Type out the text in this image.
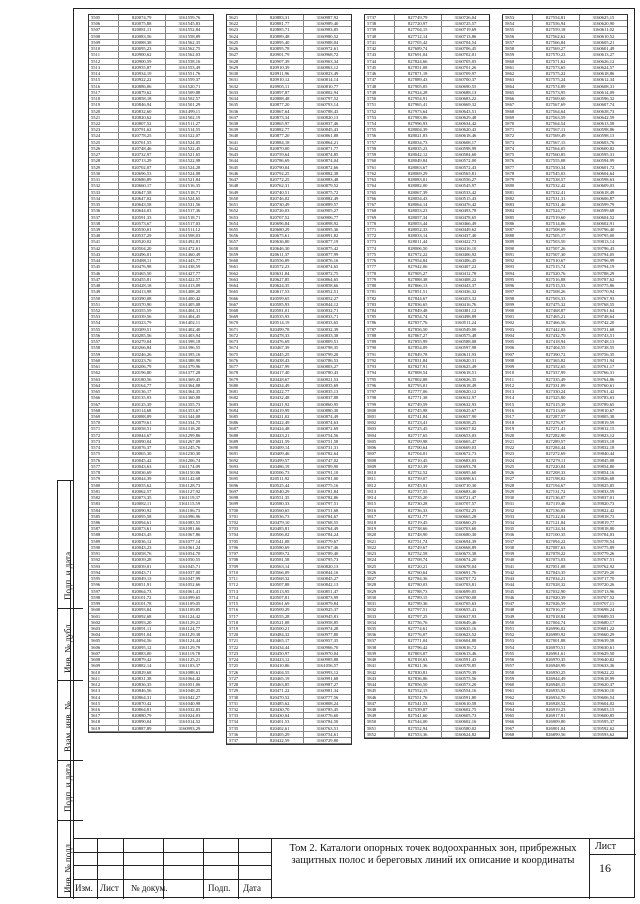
Подп. и дата
Инв. № дубл.
Взам. инв. №
Подп. и дата
Инв. № подл.
5505	820074,79	3161559,76
5506	820075,88	3161545,83
5507	820081,11	3161552,84
5508	820083,56	3161558,89
5509	820088,38	3161562,35
5510	820095,23	3161562,75
5511	820900,62	3161562,03
5512	820900,59	3161558,16
5513	820955,87	3161553,49
5514	820934,19	3161551,76
5515	820922,22	3161559,37
5516	820886,06	3161520,71
5517	820879,62	3161509,88
5518	820858,18	3161502,57
5519	820846,94	3161501,29
5520	820832,60	3161499,11
5521	820820,62	3161502,19
5522	820807,52	3161511,27
5523	820791,62	3161514,55
5524	820778,25	3161522,07
5525	820761,55	3161524,05
5526	820748,46	3161522,45
5527	820732,97	3161521,65
5528	820713,29	3161522,98
5529	820702,07	3161524,28
5530	820696,53	3161524,08
5531	820686,89	3161521,84
5532	820660,17	3161516,35
5533	820647,58	3161518,71
5534	820647,02	3161524,65
5535	820643,58	3161531,56
5536	820644,03	3161517,36
5537	820591,33	3161518,71
5538	820573,67	3161517,03
5539	820550,01	3161511,12
5540	820537,29	3161508,03
5541	820520,02	3161492,81
5542	820504,20	3161472,61
5543	820496,01	3161460,49
5544	820488,11	3161443,77
5545	820476,98	3161438,59
5546	820465,50	3161427,77
5547	820455,81	3161422,57
5548	820428,18	3161413,09
5549	820413,98	3161408,20
5550	820390,08	3161400,42
5551	820370,90	3161405,08
5552	820355,59	3161404,31
5553	820339,56	3161404,45
5554	820323,79	3161402,11
5555	820309,51	3161402,40
5556	820285,56	3161403,94
5557	820279,04	3161398,18
5558	820266,84	3161396,55
5559	820246,26	3161395,16
5560	820223,76	3161388,90
5561	820206,79	3161379,96
5562	820196,80	3161377,28
5563	820180,56	3161369,45
5564	820164,77	3161364,08
5565	820136,17	3161364,35
5566	820135,93	3161360,08
5567	820125,39	3161355,73
5568	820114,68	3161353,67
5569	820088,89	3161344,08
5570	820079,61	3161334,75
5571	820058,51	3161318,20
5572	820044,67	3161299,86
5573	820090,04	3161267,09
5574	820076,37	3161245,76
5575	820065,30	3161230,30
5576	820045,42	3161206,74
5577	820043,63	3161174,09
5578	820036,69	3161150,86
5579	820044,39	3161142,68
5580	820055,62	3161128,73
5581	820062,57	3161127,92
5582	820073,35	3161119,37
5583	820082,11	3161115,59
5584	820090,92	3161106,73
5585	820095,58	3161096,96
5586	820094,61	3161083,55
5587	820073,61	3161081,66
5588	820043,45	3161067,86
5589	820036,12	3161077,14
5590	820043,23	3161061,24
5591	820058,76	3161054,70
5592	820039,28	3161050,55
5593	820039,01	3161045,71
5594	820043,71	3161037,00
5595	820049,13	3161047,99
5596	820051,91	3161052,66
5597	820064,73	3161061,41
5598	820101,72	3161099,65
5599	820101,78	3161109,05
5600	820093,84	3161109,85
5601	820092,68	3161124,42
5602	820093,20	3161129,21
5603	820091,11	3161124,77
5604	820091,04	3161129,38
5605	820094,56	3161124,44
5606	820095,12	3161129,79
5607	820883,00	3161119,78
5608	820879,42	3161125,21
5609	820882,14	3161103,37
5610	820829,68	3161088,61
5611	820831,38	3161064,42
5612	820836,35	3161051,06
5613	820846,56	3161048,25
5614	820864,31	3161042,27
5615	820870,42	3161040,98
5616	820864,81	3161032,83
5617	820880,79	3161024,03
5618	820890,04	3161014,52
5619	820887,89	3160993,29
5621	820883,31	3160987,92
5622	820881,77	3160989,40
5623	820885,71	3160983,85
5624	820889,48	3160980,52
5625	820895,40	3160988,04
5626	820895,78	3160972,61
5627	820901,79	3160968,72
5628	820907,39	3160963,34
5629	820910,39	3160863,12
5630	820911,96	3160823,49
5631	820910,12	3160814,14
5632	820905,11	3160810,77
5633	820897,87	3160802,94
5634	820888,48	3160797,52
5635	820877,20	3160793,14
5636	820867,64	3160788,43
5637	820873,34	3160820,13
5638	820865,97	3160837,46
5639	820882,77	3160845,43
5640	820877,20	3160861,88
5641	820884,18	3160864,21
5642	820870,00	3160871,77
5643	820759,64	3160874,85
5644	820786,69	3160874,04
5645	820790,04	3160872,66
5646	820792,25	3160882,38
5647	820772,25	3160883,48
5648	820762,31	3160879,52
5649	820740,51	3160875,72
5650	820746,02	3160882,49
5651	820730,49	3160889,57
5652	820726,03	3160905,27
5653	820707,52	3160906,77
5654	820696,84	3160898,92
5655	820680,29	3160895,36
5656	820675,61	3160891,82
5657	820636,80	3160877,19
5658	820646,30	3160875,42
5659	820611,37	3160877,99
5660	820556,89	3160876,16
5661	820572,23	3160874,65
5662	820631,84	3160872,75
5663	820627,85	3160864,65
5664	820624,35	3160858,66
5665	820617,53	3160852,51
5666	820599,65	3160852,27
5667	820585,93	3160844,12
5668	820581,01	3160832,71
5669	820535,93	3160833,71
5670	820514,19	3160833,65
5671	820499,78	3160832,39
5672	820478,33	3160833,38
5673	820476,69	3160809,51
5674	820467,39	3160798,35
5675	820445,25	3160799,20
5676	820438,43	3160786,53
5677	820427,99	3160803,27
5678	820417,40	3160780,43
5679	820428,67	3160821,53
5680	820434,49	3160835,69
5681	820422,77	3160835,13
5682	820432,48	3160837,88
5683	820421,92	3160860,95
5684	820419,99	3160880,30
5685	820421,02	3160874,49
5686	820422,49	3160874,63
5687	820424,48	3160872,69
5688	820423,21	3160754,56
5689	820421,59	3160751,58
5690	820409,14	3160731,31
5691	820409,46	3160782,64
5692	820499,57	3160747,02
5693	820486,19	3160789,90
5694	820506,73	3160791,10
5695	820511,92	3160781,00
5696	820525,44	3160775,16
5697	820540,29	3160781,84
5698	820551,35	3160782,86
5699	820580,33	3160797,51
5700	820560,65	3160751,68
5701	820536,73	3160784,67
5702	820479,10	3160768,55
5703	820485,81	3160764,49
5704	820506,02	3160784,24
5705	820541,08	3160779,67
5706	820580,69	3160767,46
5707	820589,72	3160789,40
5708	820581,58	3160795,73
5709	820563,14	3160820,13
5710	820566,09	3160844,16
5711	820568,32	3160845,27
5712	820507,88	3160842,13
5713	820513,95	3160851,47
5714	820507,81	3160873,99
5715	820561,69	3160879,84
5716	820509,29	3160925,37
5717	820555,28	3160945,81
5718	820521,08	3160958,85
5719	820500,21	3160974,28
5720	820484,32	3160977,80
5721	820465,17	3160957,35
5722	820434,44	3160966,70
5723	820450,97	3160970,04
5724	820423,12	3160985,88
5725	820410,86	3161056,57
5726	820404,55	3160993,12
5727	820465,19	3160991,68
5728	820463,85	3160987,27
5729	820471,22	3160981,34
5730	820470,52	3160777,56
5731	820485,62	3160808,24
5732	820430,70	3160785,45
5733	820430,04	3160776,60
5734	820401,53	3160784,50
5735	820402,61	3160763,51
5736	820405,29	3160754,61
5737	820422,59	3160729,80
5737	827749,79	3160726,04
5738	827720,97	3160725,57
5739	827704,15	3160719,69
5740	827712,14	3160713,86
5741	827705,42	3160704,54
5742	827689,74	3160706,45
5743	827691,04	3160702,01
5744	827824,66	3160705,05
5745	827851,08	3160701,26
5746	827871,18	3160709,97
5747	827889,43	3160700,37
5748	827905,05	3160690,55
5749	827924,28	3160688,13
5750	827954,91	3160683,22
5751	827965,41	3160669,32
5752	827973,64	3160643,51
5753	827983,86	3160629,48
5754	827996,93	3160634,42
5755	828004,39	3160620,43
5756	828021,03	3160618,46
5757	828034,73	3160608,17
5758	828035,23	3160598,99
5759	828042,12	3160584,60
5760	828049,84	3160572,00
5761	828063,67	3160572,43
5762	828069,29	3160565,81
5763	828083,01	3160556,27
5764	828082,00	3160545,97
5765	828067,39	3160533,42
5766	828054,43	3160515,43
5767	828064,14	3160476,42
5768	828053,23	3160493,78
5769	828057,34	3160478,65
5770	828053,44	3160466,49
5771	828052,33	3160449,62
5772	828033,14	3160437,40
5773	828011,44	3160422,73
5774	828006,50	3160416,10
5775	827972,22	3160406,92
5776	827954,84	3160406,45
5777	827942,06	3160407,22
5778	827905,27	3160412,78
5779	827888,38	3160408,22
5780	827866,13	3160443,37
5781	827851,51	3160436,32
5782	827844,67	3160453,32
5783	827836,65	3160416,76
5784	827849,48	3160481,12
5785	827854,74	3160498,89
5786	827857,76	3160511,24
5787	827856,50	3160549,00
5788	827867,27	3160575,48
5789	827855,99	3160588,08
5790	827854,09	3160597,98
5791	827849,78	3160611,93
5792	827831,84	3160620,31
5793	827827,91	3160625,49
5794	827808,54	3160618,51
5795	827802,88	3160626,35
5796	827793,01	3160618,49
5797	827777,06	3160620,12
5798	827771,38	3160632,97
5799	827749,59	3160632,93
5800	827745,98	3160625,67
5801	827741,84	3160657,90
5802	827723,41	3160658,25
5803	827725,45	3160657,02
5804	827717,65	3160653,03
5805	827709,98	3160665,47
5806	827700,64	3160669,03
5807	827704,81	3160672,73
5808	827710,45	3160683,03
5809	827710,39	3160693,78
5810	827732,52	3160695,60
5811	827739,07	3160698,61
5812	827745,91	3160710,30
5813	827737,55	3160683,40
5814	827735,20	3160721,47
5815	827730,28	3160707,57
5816	827736,33	3160702,25
5817	827731,77	3160665,28
5818	827719,45	3160660,25
5819	827738,66	3160703,60
5820	827748,90	3160680,30
5821	827751,74	3160694,39
5822	827749,67	3160668,89
5823	827752,58	3160673,38
5824	827708,74	3160674,20
5825	827720,21	3160678,04
5826	827760,64	3160691,76
5827	827784,36	3160707,72
5828	827780,03	3160703,81
5829	827788,73	3160699,05
5830	827789,15	3160700,08
5831	827789,36	3160705,63
5832	827797,51	3160655,41
5833	827797,25	3160637,93
5834	827756,76	3160649,46
5835	827774,61	3160635,16
5836	827776,07	3160623,52
5837	827771,04	3160604,88
5838	827796,42	3160616,72
5839	827803,07	3160613,46
5840	827818,63	3160591,43
5841	827821,36	3160578,85
5842	827830,81	3160579,39
5843	827836,86	3160575,56
5844	827856,50	3160573,20
5845	827552,15	3160554,16
5846	827551,76	3160591,80
5847	827541,53	3160610,58
5848	827539,87	3160602,75
5849	827541,60	3160605,73
5850	827544,00	3160602,16
5851	827552,94	3160580,02
5852	827553,36	3160624,82
5853	827554,81	3160625,15
5854	827556,94	3160620,90
5855	827559,18	3160611,02
5856	827562,62	3160610,52
5857	827566,84	3160605,21
5858	827569,27	3160601,49
5859	827570,23	3160613,27
5860	827571,62	3160626,12
5861	827573,65	3160624,57
5862	827575,22	3160618,86
5863	827575,24	3160612,34
5864	827574,89	3160608,31
5865	827573,95	3160614,09
5866	827569,60	3160596,32
5867	827567,69	3160607,74
5868	827564,64	3160638,73
5869	827563,59	3160642,59
5870	827564,54	3160613,58
5871	827567,11	3160598,86
5872	827569,49	3160598,13
5873	827567,15	3160603,76
5874	827564,05	3160600,82
5875	827560,85	3160595,31
5876	827555,08	3160594,99
5877	827550,34	3160601,72
5878	827545,03	3160604,64
5879	827538,57	3160598,63
5880	827532,42	3160609,03
5881	827532,41	3160618,49
5882	827531,31	3160606,87
5883	827531,46	3160599,79
5884	827524,77	3160599,68
5885	827519,60	3160604,52
5886	827514,06	3160602,91
5887	827508,69	3159796,40
5888	827505,17	3159795,00
5889	827503,50	3159813,14
5890	827507,26	3159796,43
5891	827507,30	3159794,05
5892	827510,67	3159796,99
5893	827515,74	3159794,19
5894	827520,76	3159788,29
5895	827516,08	3159787,62
5896	827515,53	3159775,86
5897	827508,26	3159770,94
5898	827503,33	3159767,93
5899	827475,32	3159768,55
5900	827468,87	3159761,64
5901	827465,21	3159748,64
5902	827466,56	3159742,20
5903	827442,03	3159731,68
5904	827432,70	3159743,51
5905	827418,94	3159748,13
5906	827404,55	3159738,55
5907	827390,72	3159756,35
5908	827365,82	3159751,94
5909	827352,65	3159761,17
5910	827337,99	3159766,31
5911	827335,49	3159764,86
5912	827331,09	3159760,61
5913	827330,24	3159761,42
5914	827325,80	3159783,63
5915	827315,39	3159789,65
5916	827313,69	3159810,67
5917	827287,57	3159805,38
5918	827276,97	3159819,59
5919	827271,41	3159812,15
5920	827282,90	3159823,12
5921	827289,57	3159833,18
5922	827284,44	3159832,18
5923	827272,69	3159840,44
5924	827279,11	3159845,08
5925	827220,04	3159854,80
5926	827208,33	3159854,16
5927	827198,02	3159826,68
5928	827194,67	3159825,85
5929	827131,72	3159833,59
5930	827136,07	3159837,01
5931	827119,46	3159820,73
5932	827136,05	3159822,42
5933	827122,04	3159818,73
5934	827121,84	3159819,77
5935	827124,34	3159818,80
5936	827100,35	3159784,03
5937	827094,22	3159778,54
5938	827087,63	3159775,89
5939	827078,22	3159779,26
5940	827073,03	3159767,51
5941	827051,08	3159762,92
5942	827043,35	3159729,20
5943	827034,21	3159717,70
5944	827028,32	3159720,26
5945	827032,90	3159713,96
5946	827020,39	3159707,52
5947	827026,59	3159707,11
5948	827016,37	3159698,24
5949	827018,84	3159689,53
5950	827004,74	3159680,17
5951	826996,02	3159681,22
5952	826989,92	3159660,29
5953	827001,88	3159639,58
5954	826970,51	3159630,61
5955	826961,61	3159629,50
5956	826970,35	3159640,82
5957	826948,99	3159633,36
5958	826950,25	3159622,22
5959	826944,49	3159618,99
5960	826948,15	3159620,37
5961	826935,92	3159630,10
5962	826934,70	3159606,54
5963	826928,52	3159604,02
5964	826919,23	3159603,15
5965	826917,91	3159600,85
5966	826909,80	3159595,37
5967	826901,04	3159592,62
5968	826899,56	3159593,62
Изм. Лист № докум.	Подп. Дата
Том 2. Каталоги опорных точек водоохранных зон, прибрежных защитных полос и береговых линий их описание и координаты
Лист
16
